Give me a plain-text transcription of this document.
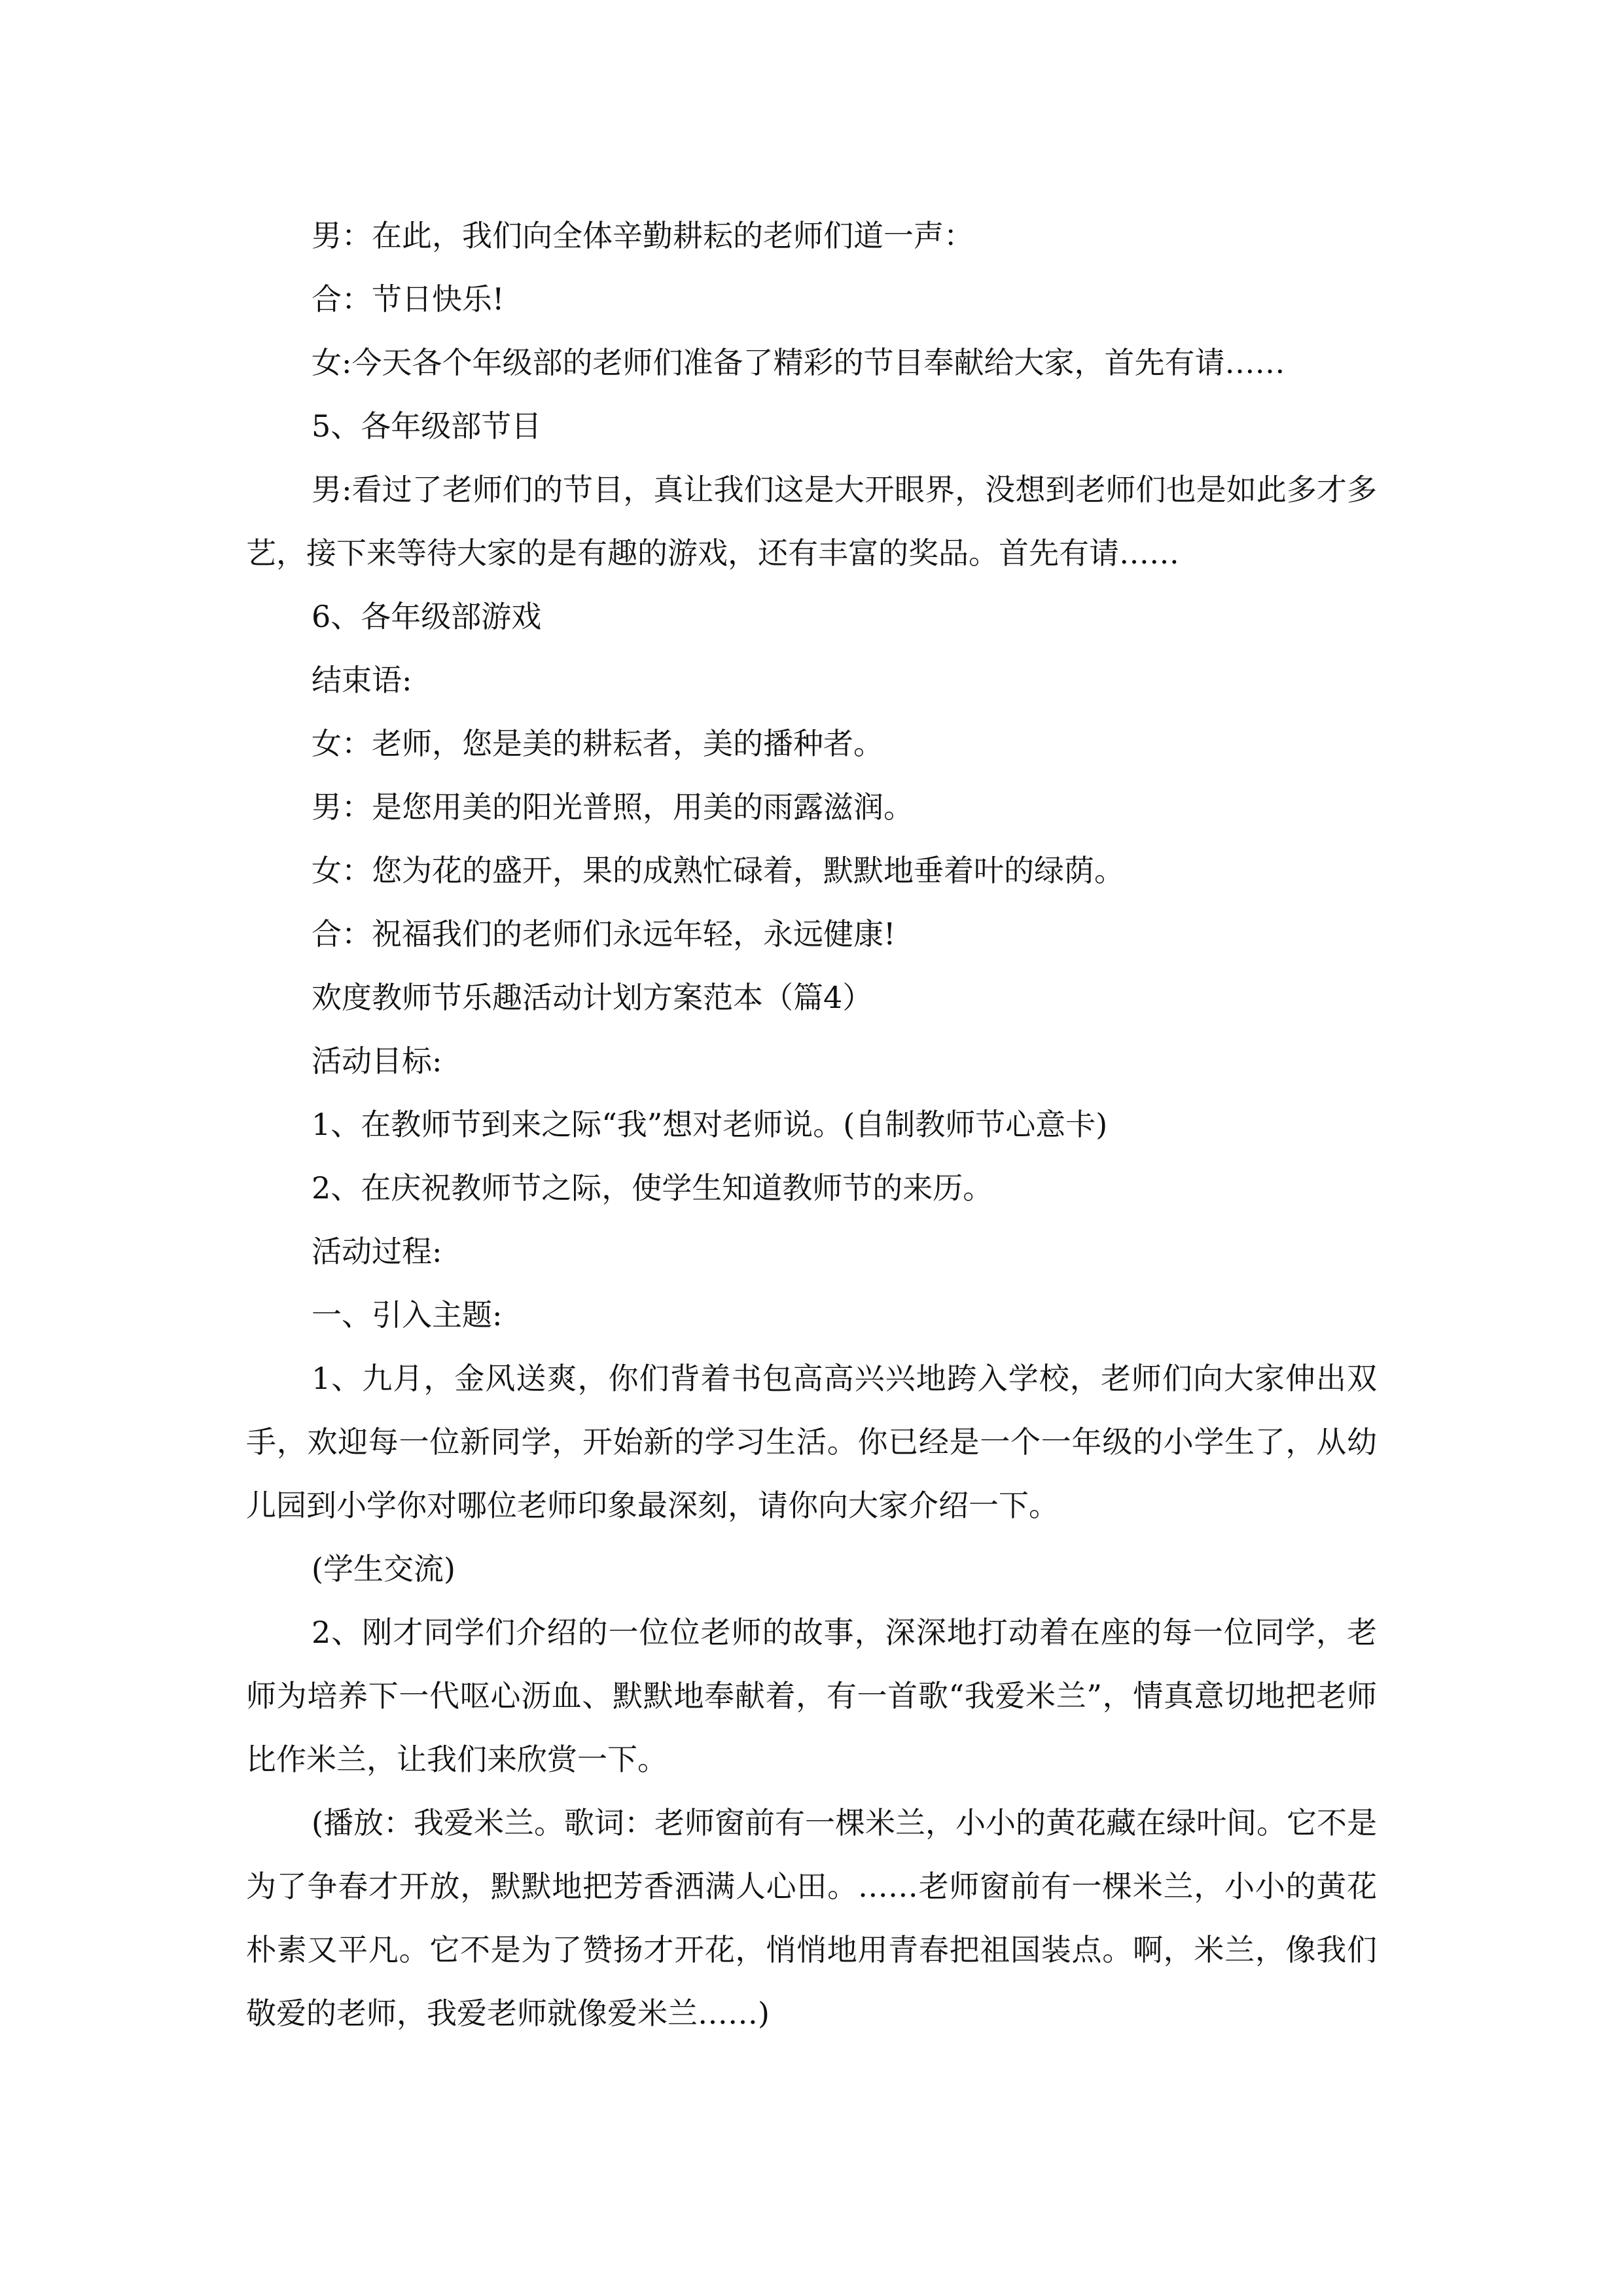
男：在此，我们向全体辛勤耕耘的老师们道一声：

合：节日快乐!

女:今天各个年级部的老师们准备了精彩的节目奉献给大家，首先有请……

5、各年级部节目

男:看过了老师们的节目，真让我们这是大开眼界，没想到老师们也是如此多才多艺，接下来等待大家的是有趣的游戏，还有丰富的奖品。首先有请……

6、各年级部游戏

结束语:

女：老师，您是美的耕耘者，美的播种者。

男：是您用美的阳光普照，用美的雨露滋润。

女：您为花的盛开，果的成熟忙碌着，默默地垂着叶的绿荫。

合：祝福我们的老师们永远年轻，永远健康!

欢度教师节乐趣活动计划方案范本（篇4）

活动目标:

1、在教师节到来之际“我”想对老师说。(自制教师节心意卡)

2、在庆祝教师节之际，使学生知道教师节的来历。

活动过程:

一、引入主题:

1、九月，金风送爽，你们背着书包高高兴兴地跨入学校，老师们向大家伸出双手，欢迎每一位新同学，开始新的学习生活。你已经是一个一年级的小学生了，从幼儿园到小学你对哪位老师印象最深刻，请你向大家介绍一下。

(学生交流)

2、刚才同学们介绍的一位位老师的故事，深深地打动着在座的每一位同学，老师为培养下一代呕心沥血、默默地奉献着，有一首歌“我爱米兰”，情真意切地把老师比作米兰，让我们来欣赏一下。

(播放：我爱米兰。歌词：老师窗前有一棵米兰，小小的黄花藏在绿叶间。它不是为了争春才开放，默默地把芳香洒满人心田。……老师窗前有一棵米兰，小小的黄花朴素又平凡。它不是为了赞扬才开花，悄悄地用青春把祖国装点。啊，米兰，像我们敬爱的老师，我爱老师就像爱米兰……)
